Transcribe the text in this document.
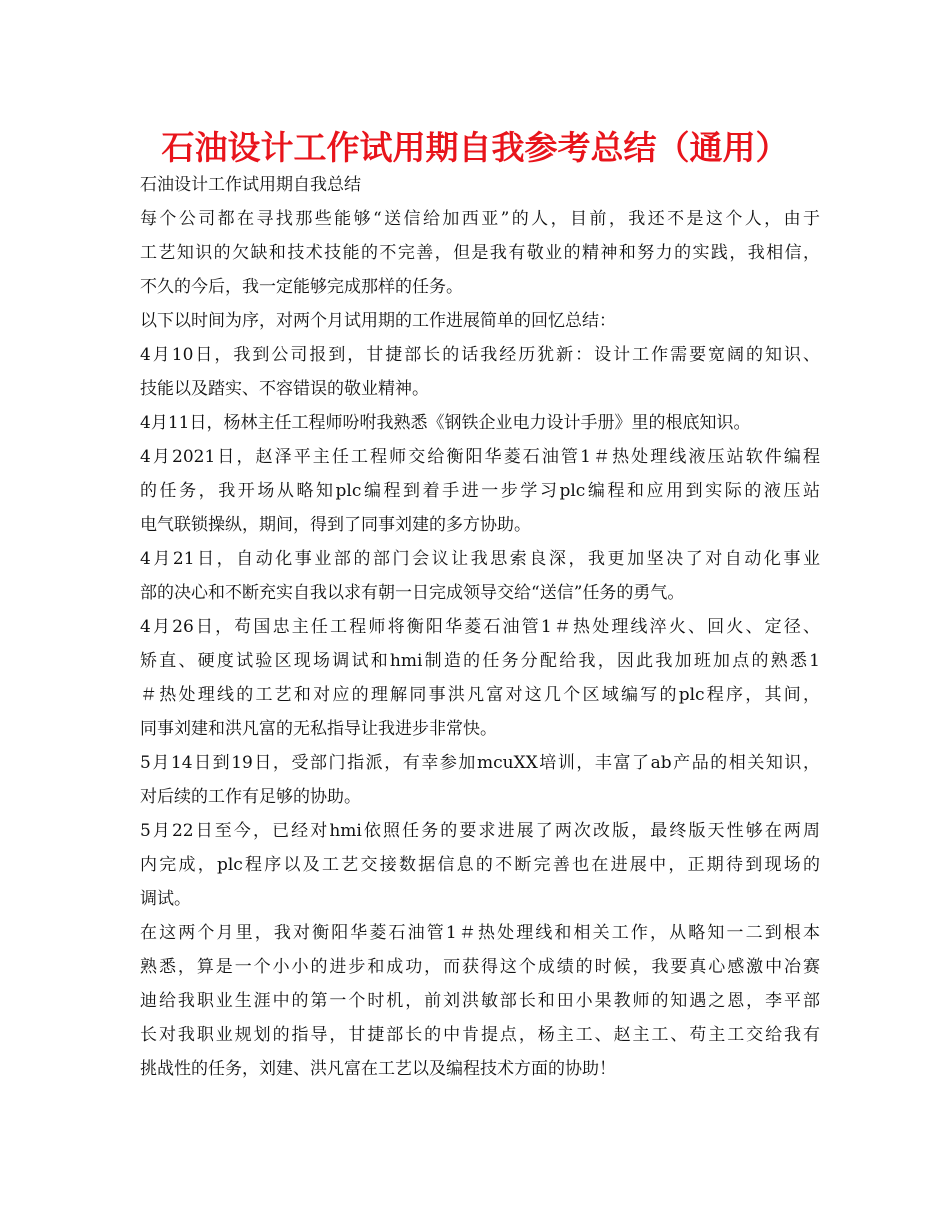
石油设计工作试用期自我参考总结（通用）
石油设计工作试用期自我总结
每个公司都在寻找那些能够“送信给加西亚”的人，目前，我还不是这个人，由于
工艺知识的欠缺和技术技能的不完善，但是我有敬业的精神和努力的实践，我相信，
不久的今后，我一定能够完成那样的任务。
以下以时间为序，对两个月试用期的工作进展简单的回忆总结：
4月10日，我到公司报到，甘捷部长的话我经历犹新：设计工作需要宽阔的知识、
技能以及踏实、不容错误的敬业精神。
4月11日，杨林主任工程师吩咐我熟悉《钢铁企业电力设计手册》里的根底知识。
4月2021日，赵泽平主任工程师交给衡阳华菱石油管1＃热处理线液压站软件编程
的任务，我开场从略知plc编程到着手进一步学习plc编程和应用到实际的液压站
电气联锁操纵，期间，得到了同事刘建的多方协助。
4月21日，自动化事业部的部门会议让我思索良深，我更加坚决了对自动化事业
部的决心和不断充实自我以求有朝一日完成领导交给“送信”任务的勇气。
4月26日，苟国忠主任工程师将衡阳华菱石油管1＃热处理线淬火、回火、定径、
矫直、硬度试验区现场调试和hmi制造的任务分配给我，因此我加班加点的熟悉1
＃热处理线的工艺和对应的理解同事洪凡富对这几个区域编写的plc程序，其间，
同事刘建和洪凡富的无私指导让我进步非常快。
5月14日到19日，受部门指派，有幸参加mcuXX培训，丰富了ab产品的相关知识，
对后续的工作有足够的协助。
5月22日至今，已经对hmi依照任务的要求进展了两次改版，最终版天性够在两周
内完成，plc程序以及工艺交接数据信息的不断完善也在进展中，正期待到现场的
调试。
在这两个月里，我对衡阳华菱石油管1＃热处理线和相关工作，从略知一二到根本
熟悉，算是一个小小的进步和成功，而获得这个成绩的时候，我要真心感激中冶赛
迪给我职业生涯中的第一个时机，前刘洪敏部长和田小果教师的知遇之恩，李平部
长对我职业规划的指导，甘捷部长的中肯提点，杨主工、赵主工、苟主工交给我有
挑战性的任务，刘建、洪凡富在工艺以及编程技术方面的协助！
